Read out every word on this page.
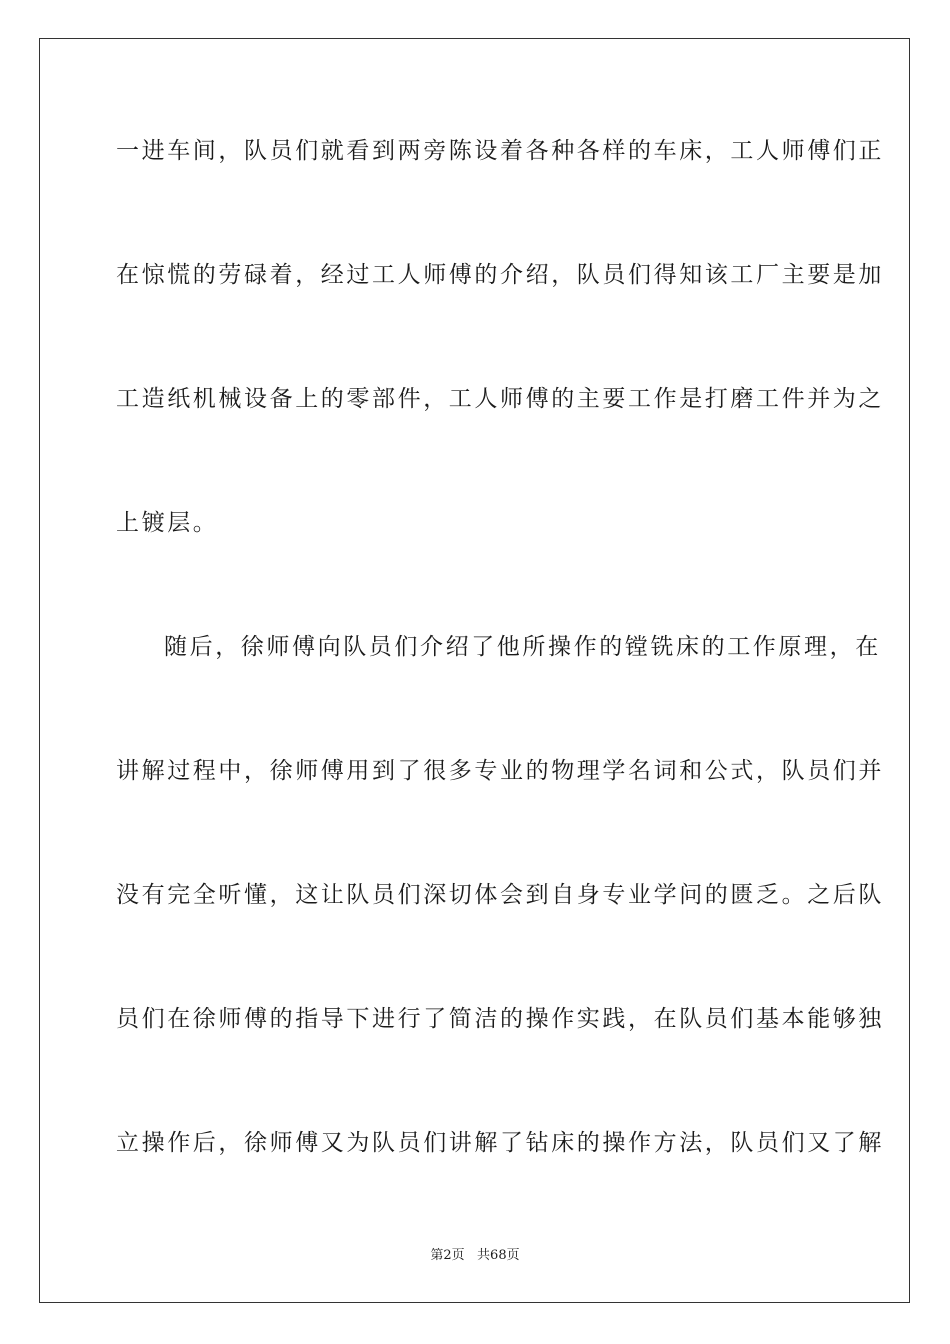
一进车间，队员们就看到两旁陈设着各种各样的车床，工人师傅们正

在惊慌的劳碌着，经过工人师傅的介绍，队员们得知该工厂主要是加

工造纸机械设备上的零部件，工人师傅的主要工作是打磨工件并为之

上镀层。

随后，徐师傅向队员们介绍了他所操作的镗铣床的工作原理，在

讲解过程中，徐师傅用到了很多专业的物理学名词和公式，队员们并

没有完全听懂，这让队员们深切体会到自身专业学问的匮乏。之后队

员们在徐师傅的指导下进行了简洁的操作实践，在队员们基本能够独

立操作后，徐师傅又为队员们讲解了钻床的操作方法，队员们又了解

第2页   共68页
